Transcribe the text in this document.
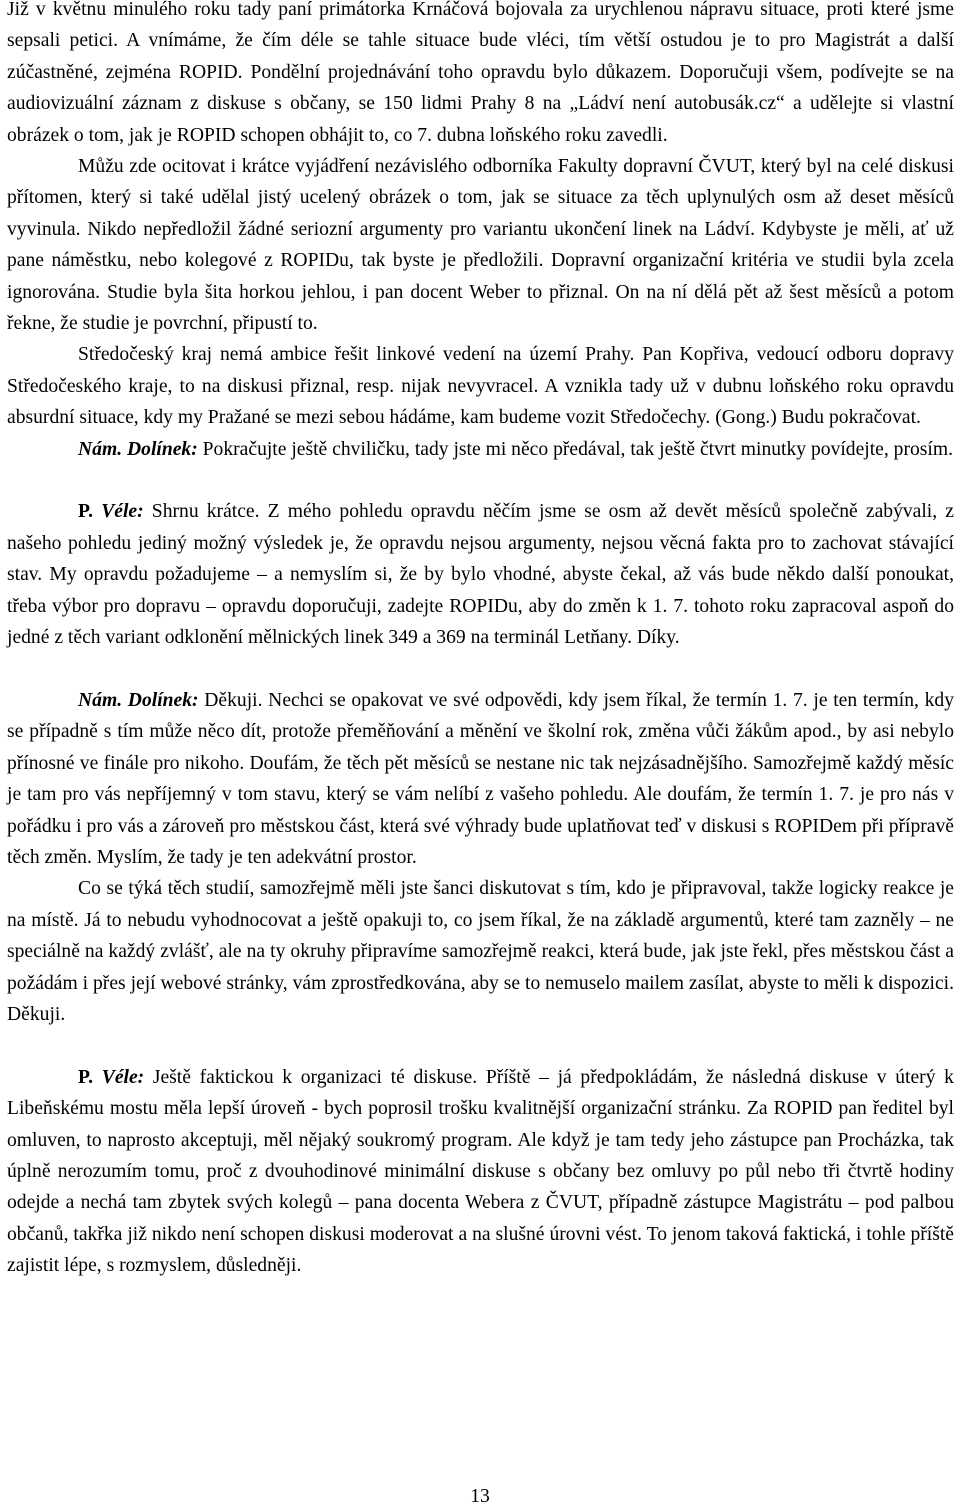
Již v květnu minulého roku tady paní primátorka Krnáčová bojovala za urychlenou nápravu situace, proti které jsme sepsali petici. A vnímáme, že čím déle se tahle situace bude vléci, tím větší ostudou je to pro Magistrát a další zúčastněné, zejména ROPID. Pondělní projednávání toho opravdu bylo důkazem. Doporučuji všem, podívejte se na audiovizuální záznam z diskuse s občany, se 150 lidmi Prahy 8 na „Ládví není autobusák.cz“ a udělejte si vlastní obrázek o tom, jak je ROPID schopen obhájit to, co 7. dubna loňského roku zavedli.

Můžu zde ocitovat i krátce vyjádření nezávislého odborníka Fakulty dopravní ČVUT, který byl na celé diskusi přítomen, který si také udělal jistý ucelený obrázek o tom, jak se situace za těch uplynulých osm až deset měsíců vyvinula. Nikdo nepředložil žádné seriozní argumenty pro variantu ukončení linek na Ládví. Kdybyste je měli, ať už pane náměstku, nebo kolegové z ROPIDu, tak byste je předložili. Dopravní organizační kritéria ve studii byla zcela ignorována. Studie byla šita horkou jehlou, i pan docent Weber to přiznal. On na ní dělá pět až šest měsíců a potom řekne, že studie je povrchní, připustí to.

Středočeský kraj nemá ambice řešit linkové vedení na území Prahy. Pan Kopřiva, vedoucí odboru dopravy Středočeského kraje, to na diskusi přiznal, resp. nijak nevyvracel. A vznikla tady už v dubnu loňského roku opravdu absurdní situace, kdy my Pražané se mezi sebou hádáme, kam budeme vozit Středočechy. (Gong.) Budu pokračovat.

Nám. Dolínek: Pokračujte ještě chviličku, tady jste mi něco předával, tak ještě čtvrt minutky povídejte, prosím.

P. Véle: Shrnu krátce. Z mého pohledu opravdu něčím jsme se osm až devět měsíců společně zabývali, z našeho pohledu jediný možný výsledek je, že opravdu nejsou argumenty, nejsou věcná fakta pro to zachovat stávající stav. My opravdu požadujeme – a nemyslím si, že by bylo vhodné, abyste čekal, až vás bude někdo další ponoukat, třeba výbor pro dopravu – opravdu doporučuji, zadejte ROPIDu, aby do změn k 1. 7. tohoto roku zapracoval aspoň do jedné z těch variant odklonění mělnických linek 349 a 369 na terminál Letňany. Díky.

Nám. Dolínek: Děkuji. Nechci se opakovat ve své odpovědi, kdy jsem říkal, že termín 1. 7. je ten termín, kdy se případně s tím může něco dít, protože přeměňování a měnění ve školní rok, změna vůči žákům apod., by asi nebylo přínosné ve finále pro nikoho. Doufám, že těch pět měsíců se nestane nic tak nejzásadnějšího. Samozřejmě každý měsíc je tam pro vás nepříjemný v tom stavu, který se vám nelíbí z vašeho pohledu. Ale doufám, že termín 1. 7. je pro nás v pořádku i pro vás a zároveň pro městskou část, která své výhrady bude uplatňovat teď v diskusi s ROPIDem při přípravě těch změn. Myslím, že tady je ten adekvátní prostor.

Co se týká těch studií, samozřejmě měli jste šanci diskutovat s tím, kdo je připravoval, takže logicky reakce je na místě. Já to nebudu vyhodnocovat a ještě opakuji to, co jsem říkal, že na základě argumentů, které tam zazněly – ne speciálně na každý zvlášť, ale na ty okruhy připravíme samozřejmě reakci, která bude, jak jste řekl, přes městskou část a požádám i přes její webové stránky, vám zprostředkována, aby se to nemuselo mailem zasílat, abyste to měli k dispozici. Děkuji.

P. Véle: Ještě faktickou k organizaci té diskuse. Příště – já předpokládám, že následná diskuse v úterý k Libeňskému mostu měla lepší úroveň - bych poprosil trošku kvalitnější organizační stránku. Za ROPID pan ředitel byl omluven, to naprosto akceptuji, měl nějaký soukromý program. Ale když je tam tedy jeho zástupce pan Procházka, tak úplně nerozumím tomu, proč z dvouhodinové minimální diskuse s občany bez omluvy po půl nebo tři čtvrtě hodiny odejde a nechá tam zbytek svých kolegů – pana docenta Webera z ČVUT, případně zástupce Magistrátu – pod palbou občanů, takřka již nikdo není schopen diskusi moderovat a na slušné úrovni vést. To jenom taková faktická, i tohle příště zajistit lépe, s rozmyslem, důsledněji.

13
